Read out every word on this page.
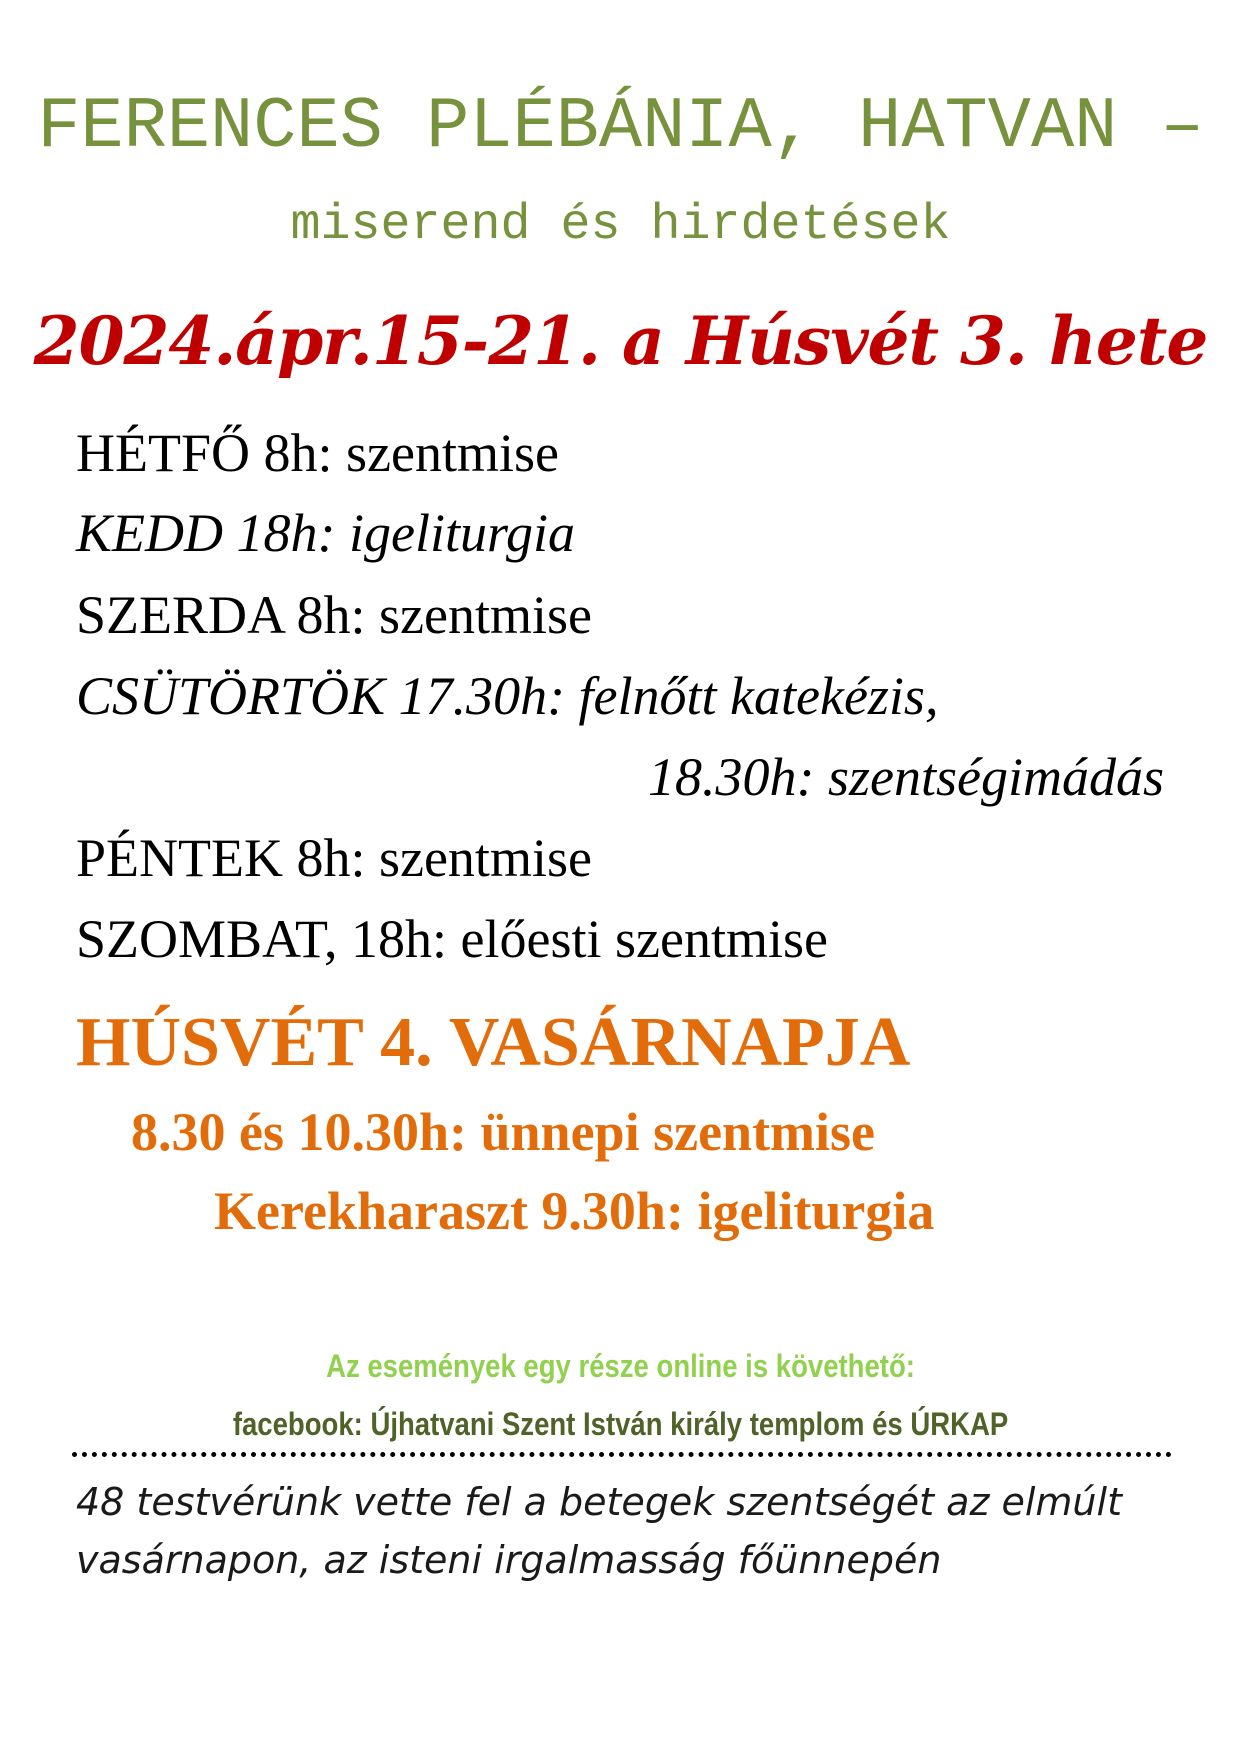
FERENCES PLÉBÁNIA, HATVAN –
miserend és hirdetések
2024.ápr.15-21. a Húsvét 3. hete
HÉTFŐ 8h: szentmise
KEDD 18h: igeliturgia
SZERDA 8h: szentmise
CSÜTÖRTÖK 17.30h: felnőtt katekézis,
18.30h: szentségimádás
PÉNTEK 8h: szentmise
SZOMBAT, 18h: előesti szentmise
HÚSVÉT 4. VASÁRNAPJA
8.30 és 10.30h: ünnepi szentmise
Kerekharaszt 9.30h: igeliturgia
Az események egy része online is követhető:
facebook: Újhatvani Szent István király templom és ÚRKAP
48 testvérünk vette fel a betegek szentségét az elmúlt
vasárnapon, az isteni irgalmasság főünnepén
